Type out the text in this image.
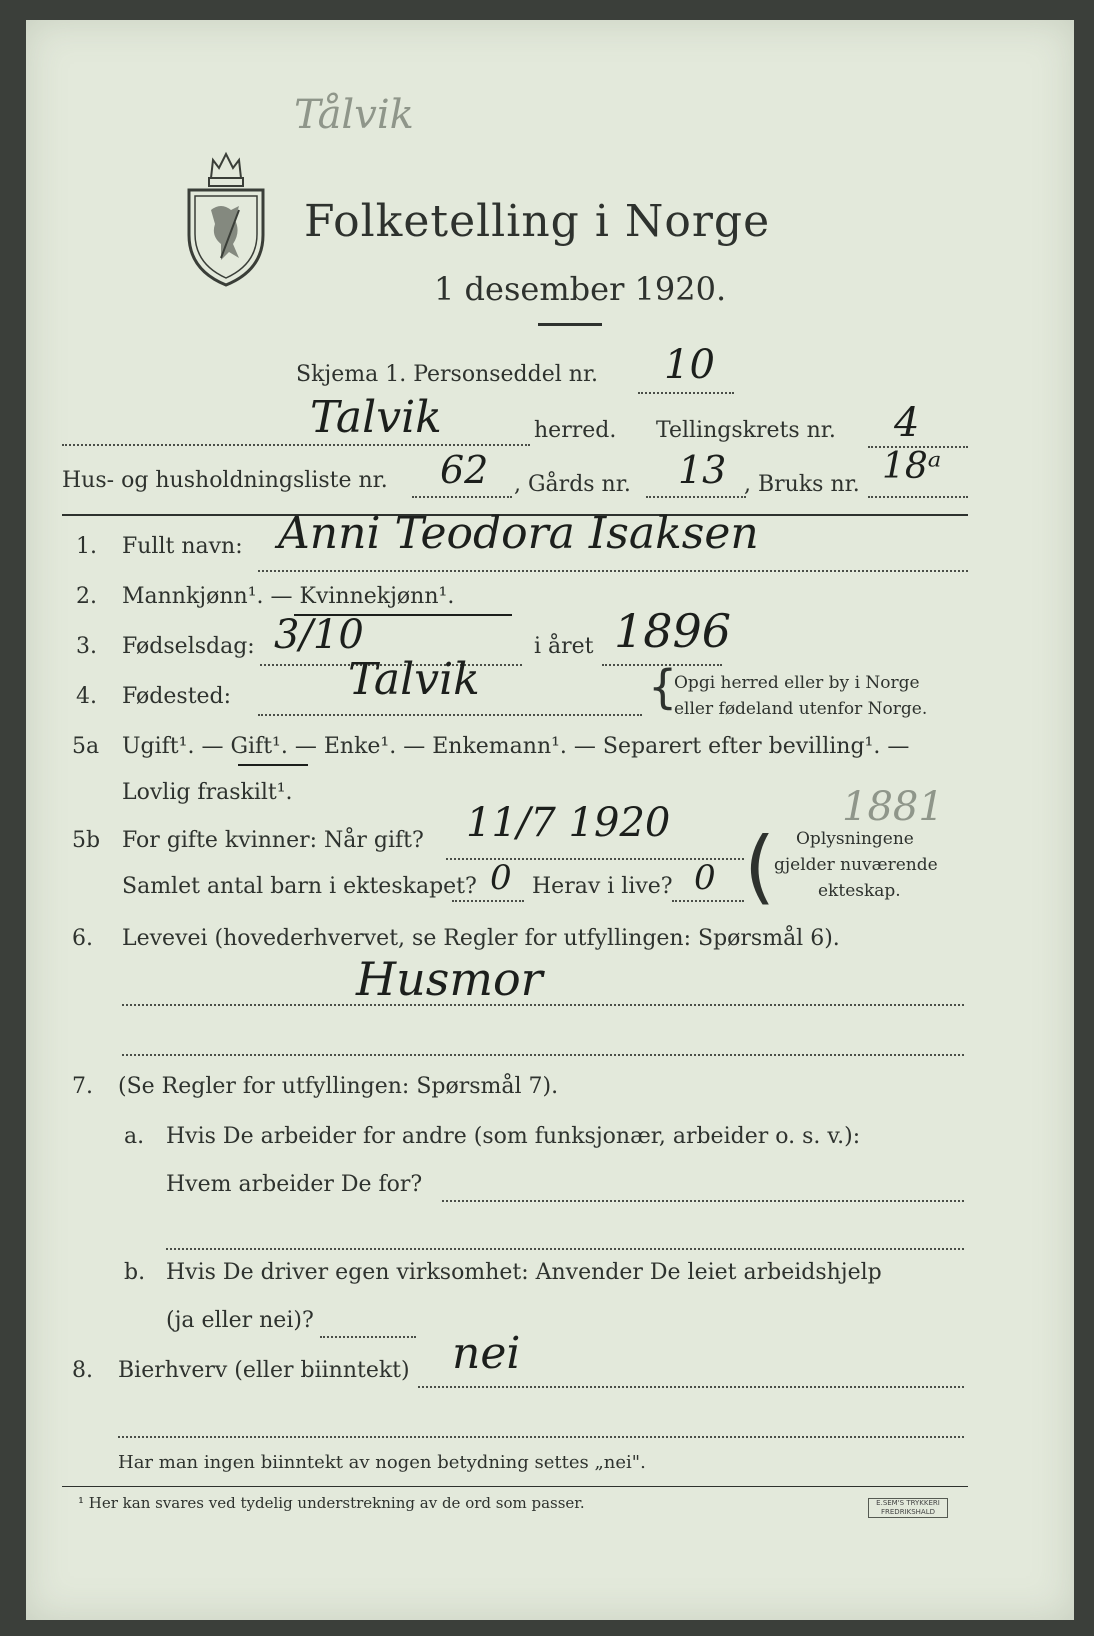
Tålvik
Folketelling i Norge
1 desember 1920.
Skjema 1. Personseddel nr. 10
Talvik	herred. Tellingskrets nr. 4
Hus- og husholdningsliste nr. 62 , Gårds nr. 13 , Bruks nr. 18ᵃ
1. Fullt navn: Anni Teodora Isaksen
2. Mannkjønn¹. — Kvinnekjønn¹.
3. Fødselsdag: 3/10	i året 1896
4. Fødested:	Talvik	{
Opgi herred eller by i Norge
eller fødeland utenfor Norge.
5a Ugift¹. — Gift¹. — Enke¹. — Enkemann¹. — Separert efter bevilling¹. —
Lovlig fraskilt¹.
5b For gifte kvinner: Når gift? 11/7 1920	1881
Samlet antal barn i ekteskapet? 0 Herav i live? 0 ( Oplysningene
gjelder nuværende
ekteskap.
6. Levevei (hovederhvervet, se Regler for utfyllingen: Spørsmål 6).
Husmor
7. (Se Regler for utfyllingen: Spørsmål 7).
a. Hvis De arbeider for andre (som funksjonær, arbeider o. s. v.):
Hvem arbeider De for?
b. Hvis De driver egen virksomhet: Anvender De leiet arbeidshjelp
(ja eller nei)?
8. Bierhverv (eller biinntekt) nei
Har man ingen biinntekt av nogen betydning settes „nei".
¹ Her kan svares ved tydelig understrekning av de ord som passer.	E.SEM'S TRYKKERI
FREDRIKSHALD
